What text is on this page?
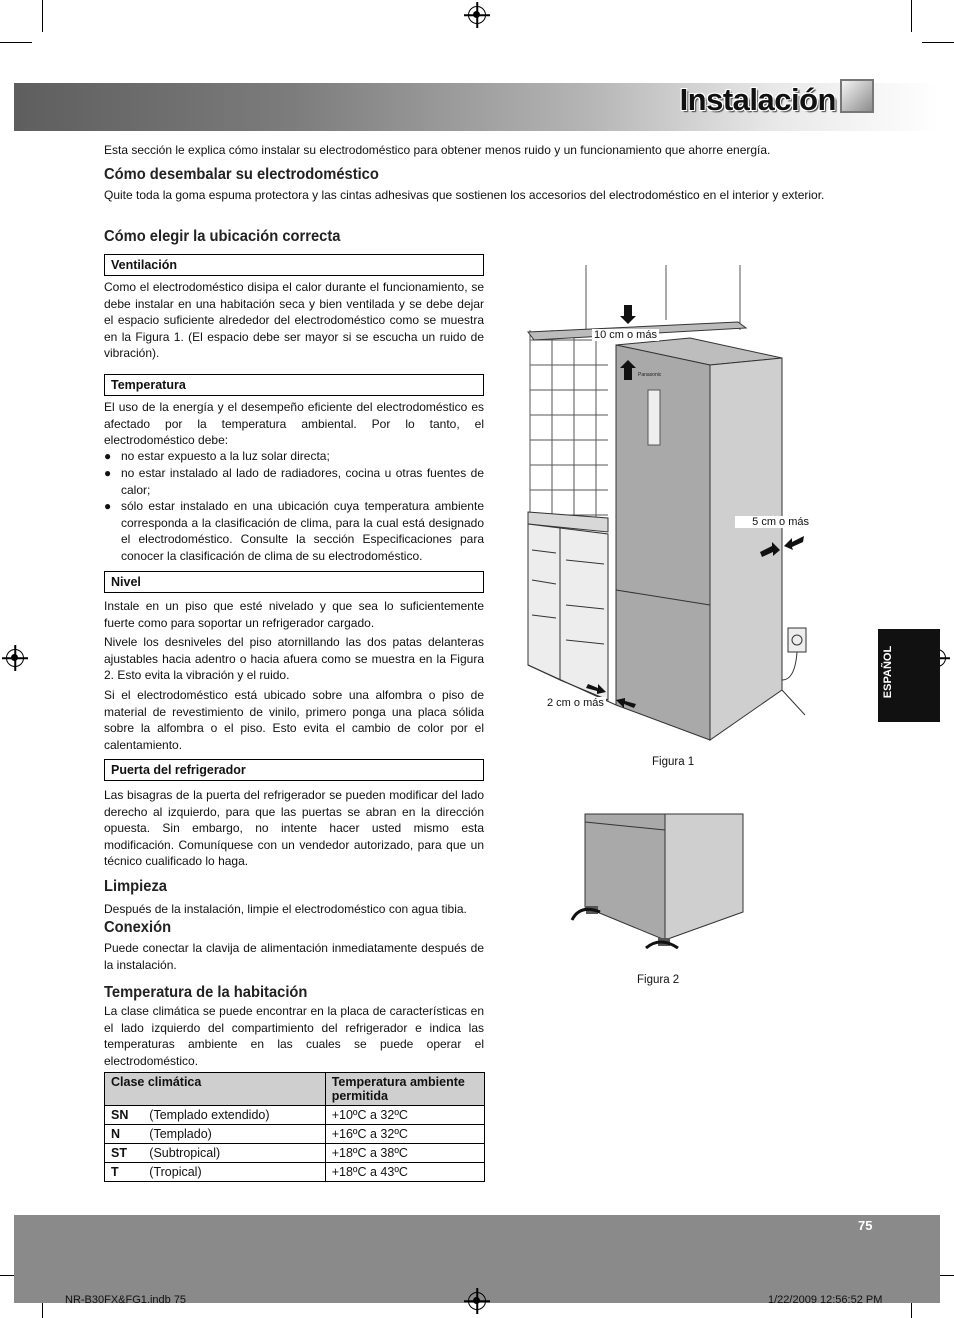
Instalación
Esta sección le explica cómo instalar su electrodoméstico para obtener menos ruido y un funcionamiento que ahorre energía.
Cómo desembalar su electrodoméstico
Quite toda la goma espuma protectora y las cintas adhesivas que sostienen los accesorios del electrodoméstico en el interior y exterior.
Cómo elegir la ubicación correcta
Ventilación
Como el electrodoméstico disipa el calor durante el funcionamiento, se debe instalar en una habitación seca y bien ventilada y se debe dejar el espacio suficiente alrededor del electrodoméstico como se muestra en la Figura 1. (El espacio debe ser mayor si se escucha un ruido de vibración).
Temperatura
El uso de la energía y el desempeño eficiente del electrodoméstico es afectado por la temperatura ambiental. Por lo tanto, el electrodoméstico debe:
● no estar expuesto a la luz solar directa;
● no estar instalado al lado de radiadores, cocina u otras fuentes de calor;
● sólo estar instalado en una ubicación cuya temperatura ambiente corresponda a la clasificación de clima, para la cual está designado el electrodoméstico. Consulte la sección Especificaciones para conocer la clasificación de clima de su electrodoméstico.
Nivel
Instale en un piso que esté nivelado y que sea lo suficientemente fuerte como para soportar un refrigerador cargado.
Nivele los desniveles del piso atornillando las dos patas delanteras ajustables hacia adentro o hacia afuera como se muestra en la Figura 2. Esto evita la vibración y el ruido.
Si el electrodoméstico está ubicado sobre una alfombra o piso de material de revestimiento de vinilo, primero ponga una placa sólida sobre la alfombra o el piso. Esto evita el cambio de color por el calentamiento.
Puerta del refrigerador
Las bisagras de la puerta del refrigerador se pueden modificar del lado derecho al izquierdo, para que las puertas se abran en la dirección opuesta. Sin embargo, no intente hacer usted mismo esta modificación. Comuníquese con un vendedor autorizado, para que un técnico cualificado lo haga.
Limpieza
Después de la instalación, limpie el electrodoméstico con agua tibia.
Conexión
Puede conectar la clavija de alimentación inmediatamente después de la instalación.
Temperatura de la habitación
La clase climática se puede encontrar en la placa de características en el lado izquierdo del compartimiento del refrigerador e indica las temperaturas ambiente en las cuales se puede operar el electrodoméstico.
Clase climática		Temperatura ambiente permitida
SN	(Templado extendido)	+10ºC a 32ºC
N	(Templado)	+16ºC a 32ºC
ST	(Subtropical)	+18ºC a 38ºC
T	(Tropical)	+18ºC a 43ºC
Panasonic
10 cm o más
5 cm o más
2 cm o más
Figura 1
Figura 2
ESPAÑOL
75
NR-B30FX&FG1.indb 75	1/22/2009 12:56:52 PM
